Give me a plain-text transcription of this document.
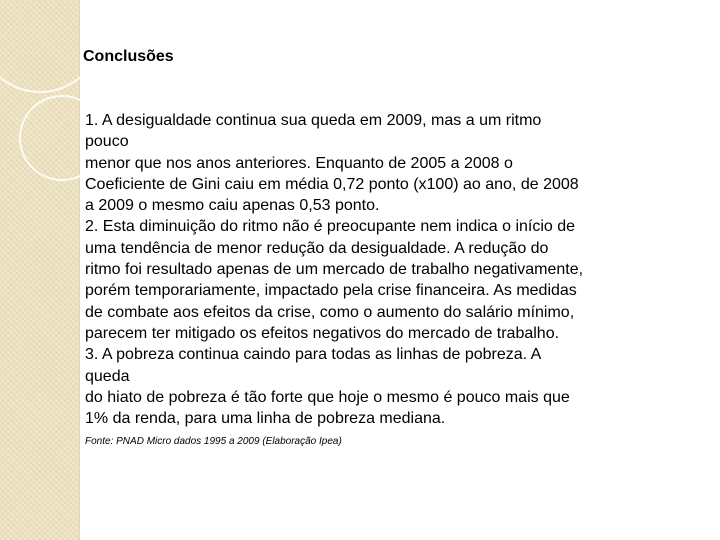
Conclusões
1. A desigualdade continua sua queda em 2009, mas a um ritmo
pouco
menor que nos anos anteriores. Enquanto de 2005 a 2008 o
Coeficiente de Gini caiu em média 0,72 ponto (x100) ao ano, de 2008
a 2009 o mesmo caiu apenas 0,53 ponto.
2. Esta diminuição do ritmo não é preocupante nem indica o início de
uma tendência de menor redução da desigualdade. A redução do
ritmo foi resultado apenas de um mercado de trabalho negativamente,
porém temporariamente, impactado pela crise financeira. As medidas
de combate aos efeitos da crise, como o aumento do salário mínimo,
parecem ter mitigado os efeitos negativos do mercado de trabalho.
3. A pobreza continua caindo para todas as linhas de pobreza. A
queda
do hiato de pobreza é tão forte que hoje o mesmo é pouco mais que
1% da renda, para uma linha de pobreza mediana.
Fonte: PNAD Micro dados 1995 a 2009 (Elaboração Ipea)
